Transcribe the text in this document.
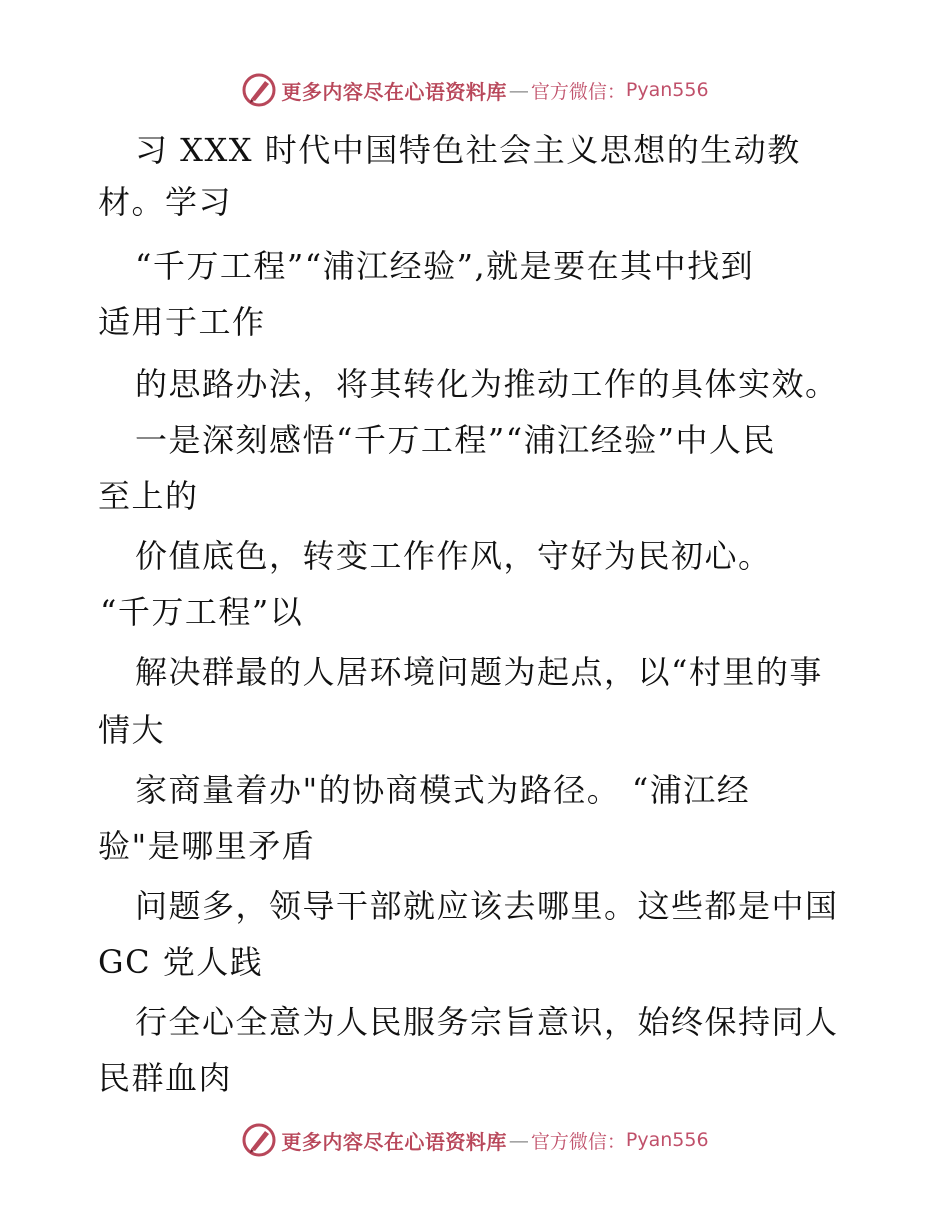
更多内容尽在心语资料库 — 官方微信： Pyan556
习 XXX 时代中国特色社会主义思想的生动教
材。学习
“千万工程”“浦江经验”,就是要在其中找到
适用于工作
的思路办法，将其转化为推动工作的具体实效。
一是深刻感悟“千万工程”“浦江经验”中人民
至上的
价值底色，转变工作作风，守好为民初心。
“千万工程”以
解决群最的人居环境问题为起点，以“村里的事
情大
家商量着办"的协商模式为路径。 “浦江经
验"是哪里矛盾
问题多，领导干部就应该去哪里。这些都是中国
GC 党人践
行全心全意为人民服务宗旨意识，始终保持同人
民群血肉
更多内容尽在心语资料库 — 官方微信： Pyan556
